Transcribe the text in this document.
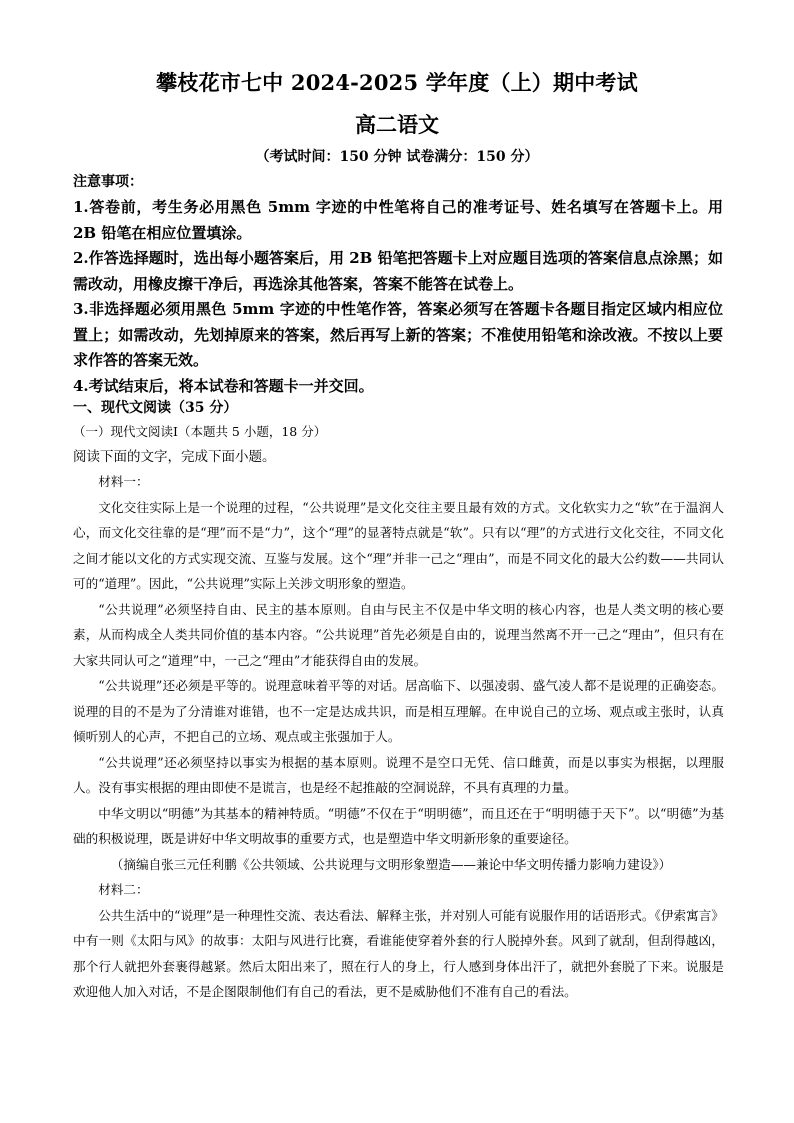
攀枝花市七中 2024-2025 学年度（上）期中考试
高二语文
（考试时间：150 分钟 试卷满分：150 分）
注意事项：

1.答卷前，考生务必用黑色 5mm 字迹的中性笔将自己的准考证号、姓名填写在答题卡上。用 2B 铅笔在相应位置填涂。

2.作答选择题时，选出每小题答案后，用 2B 铅笔把答题卡上对应题目选项的答案信息点涂黑；如需改动，用橡皮擦干净后，再选涂其他答案，答案不能答在试卷上。

3.非选择题必须用黑色 5mm 字迹的中性笔作答，答案必须写在答题卡各题目指定区域内相应位置上；如需改动，先划掉原来的答案，然后再写上新的答案；不准使用铅笔和涂改液。不按以上要求作答的答案无效。

4.考试结束后，将本试卷和答题卡一并交回。

一、现代文阅读（35 分）
（一）现代文阅读Ⅰ（本题共 5 小题，18 分）
阅读下面的文字，完成下面小题。

材料一：

文化交往实际上是一个说理的过程，“公共说理”是文化交往主要且最有效的方式。文化软实力之“软”在于温润人心，而文化交往靠的是“理”而不是“力”，这个“理”的显著特点就是“软”。只有以“理”的方式进行文化交往，不同文化之间才能以文化的方式实现交流、互鉴与发展。这个“理”并非一己之“理由”，而是不同文化的最大公约数——共同认可的“道理”。因此，“公共说理”实际上关涉文明形象的塑造。

“公共说理”必须坚持自由、民主的基本原则。自由与民主不仅是中华文明的核心内容，也是人类文明的核心要素，从而构成全人类共同价值的基本内容。“公共说理”首先必须是自由的，说理当然离不开一己之“理由”，但只有在大家共同认可之“道理”中，一己之“理由”才能获得自由的发展。

“公共说理”还必须是平等的。说理意味着平等的对话。居高临下、以强凌弱、盛气凌人都不是说理的正确姿态。说理的目的不是为了分清谁对谁错，也不一定是达成共识，而是相互理解。在申说自己的立场、观点或主张时，认真倾听别人的心声，不把自己的立场、观点或主张强加于人。

“公共说理”还必须坚持以事实为根据的基本原则。说理不是空口无凭、信口雌黄，而是以事实为根据，以理服人。没有事实根据的理由即使不是谎言，也是经不起推敲的空洞说辞，不具有真理的力量。

中华文明以“明德”为其基本的精神特质。“明德”不仅在于“明明德”，而且还在于“明明德于天下”。以“明德”为基础的积极说理，既是讲好中华文明故事的重要方式，也是塑造中华文明新形象的重要途径。

（摘编自张三元任利鹏《公共领域、公共说理与文明形象塑造——兼论中华文明传播力影响力建设》）

材料二：

公共生活中的“说理”是一种理性交流、表达看法、解释主张，并对别人可能有说服作用的话语形式。《伊索寓言》中有一则《太阳与风》的故事：太阳与风进行比赛，看谁能使穿着外套的行人脱掉外套。风到了就刮，但刮得越凶，那个行人就把外套裹得越紧。然后太阳出来了，照在行人的身上，行人感到身体出汗了，就把外套脱了下来。说服是欢迎他人加入对话，不是企图限制他们有自己的看法，更不是威胁他们不准有自己的看法。
